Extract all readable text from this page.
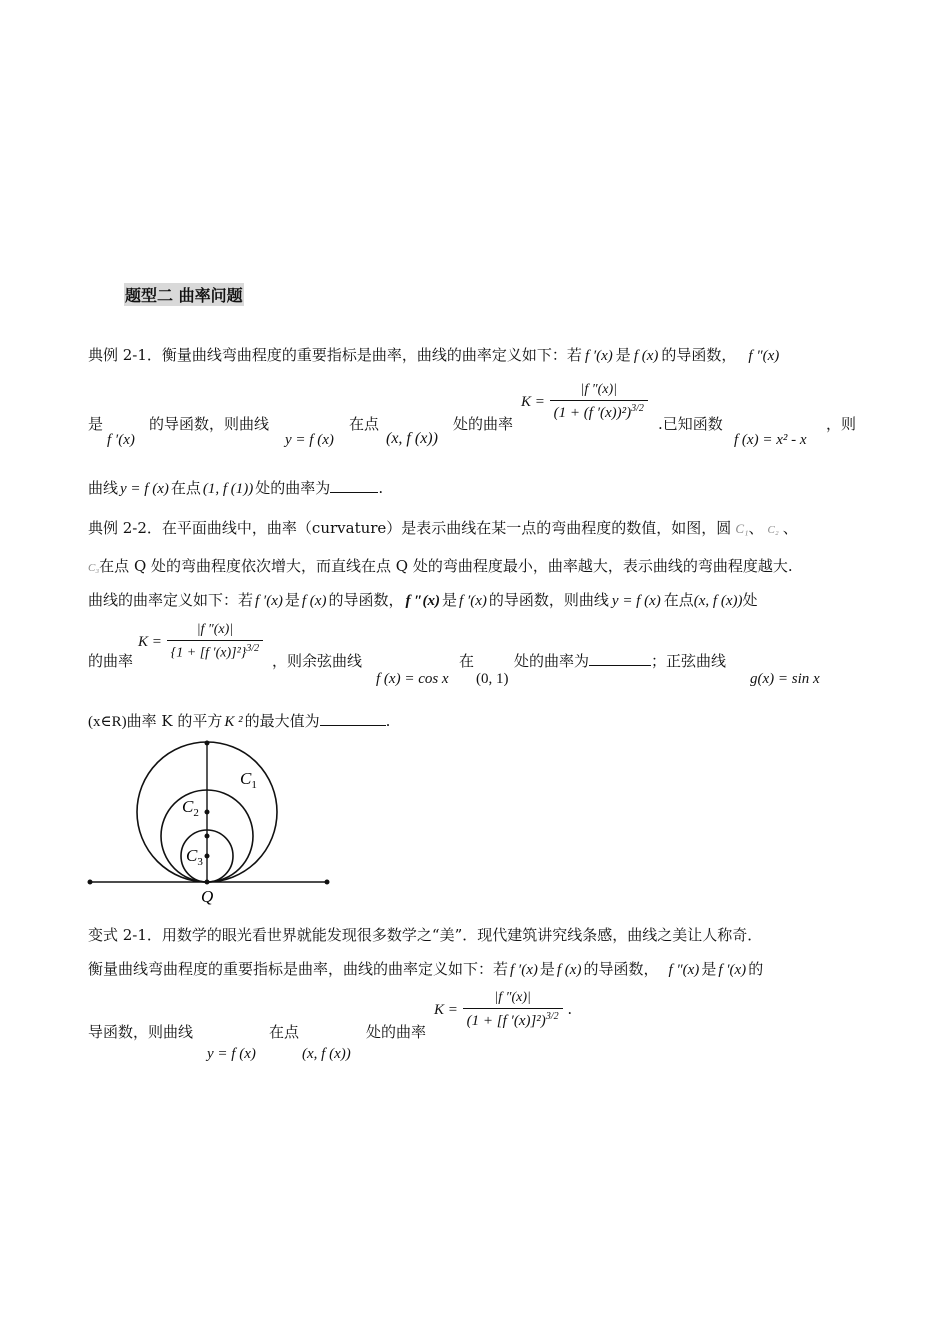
题型二 曲率问题
典例 2-1．衡量曲线弯曲程度的重要指标是曲率，曲线的曲率定义如下：若 f ′(x) 是 f (x) 的导函数， f ″(x)
是
f ′(x)
的导函数，则曲线
y = f (x)
在点
(x, f (x))
处的曲率
$K = \frac{|f ''(x)|}{(1 + (f '(x))^2)^{3/2}}$
.已知函数
f (x) = x² - x
，则
曲线 y = f (x) 在点 (1, f (1)) 处的曲率为	.
典例 2-2．在平面曲线中，曲率（curvature）是表示曲线在某一点的弯曲程度的数值，如图，圆 C₁、 C₂ 、
C₃在点 Q 处的弯曲程度依次增大，而直线在点 Q 处的弯曲程度最小，曲率越大，表示曲线的弯曲程度越大.
曲线的曲率定义如下：若 f ′(x) 是 f (x) 的导函数， f ″(x) 是 f ′(x) 的导函数，则曲线 y = f (x) 在点(x, f (x))处
的曲率
$K = \frac{|f ''(x)|}{\{1 + [f '(x)]^2\}^{3/2}}$ ，则余弦曲线
f (x) = cos x
在
(0, 1)
处的曲率为	；正弦曲线
g(x) = sin x
(x∈R)曲率 K 的平方 K ² 的最大值为	.
$C_1$
$C_2$
$C_3$
Q
变式 2-1．用数学的眼光看世界就能发现很多数学之“美”．现代建筑讲究线条感，曲线之美让人称奇．
衡量曲线弯曲程度的重要指标是曲率，曲线的曲率定义如下：若 f ′(x) 是 f (x) 的导函数， f ″(x) 是 f ′(x) 的
导函数，则曲线
y = f (x)
在点
(x, f (x))
处的曲率
$K = \frac{|f ''(x)|}{(1 + [f '(x)]^2)^{3/2}}$ .
